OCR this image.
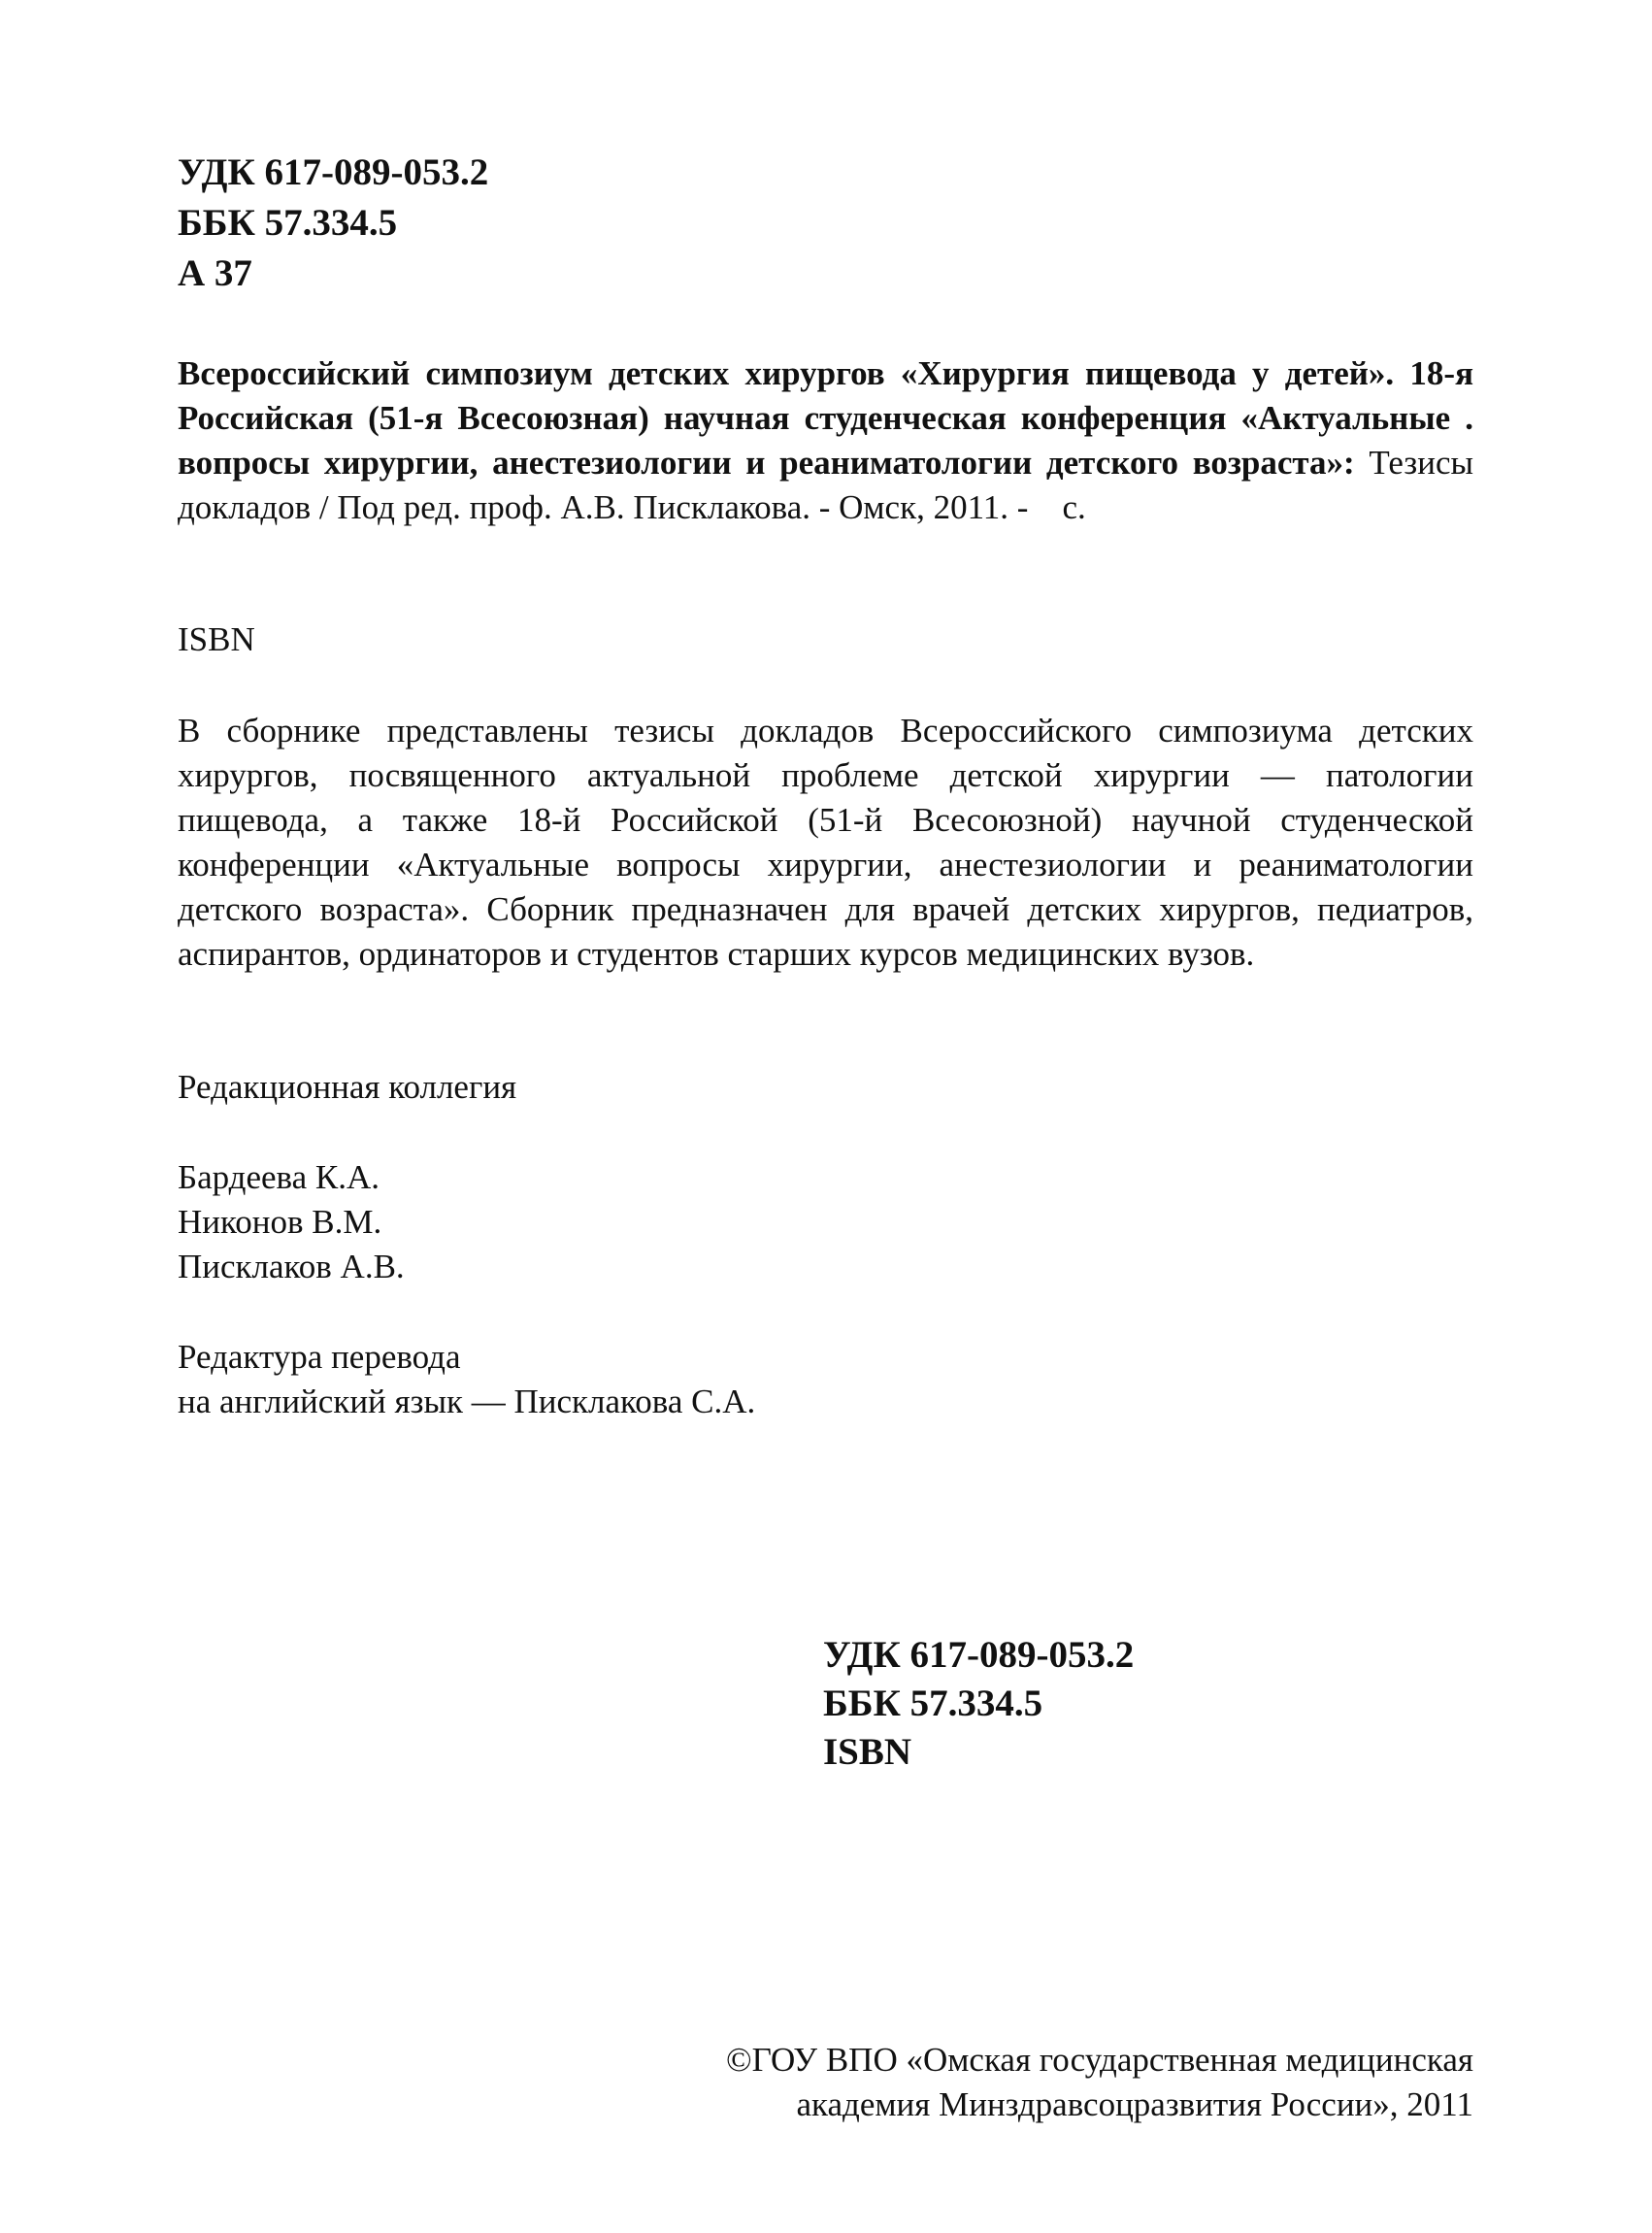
УДК 617-089-053.2
ББК 57.334.5
А 37
Всероссийский симпозиум детских хирургов «Хирургия пищевода у детей». 18-я Российская (51-я Всесоюзная) научная студенческая конференция «Актуальные . вопросы хирургии, анестезиологии и реаниматологии детского возраста»: Тезисы докладов / Под ред. проф. А.В. Писклакова. - Омск, 2011. -    с.
ISBN
В сборнике представлены тезисы докладов Всероссийского симпозиума детских хирургов, посвященного актуальной проблеме детской хирургии — патологии пищевода, а также 18-й Российской (51-й Всесоюзной) научной студенческой конференции «Актуальные вопросы хирургии, анестезиологии и реаниматологии детского возраста». Сборник предназначен для врачей детских хирургов, педиатров, аспирантов, ординаторов и студентов старших курсов медицинских вузов.
Редакционная коллегия
Бардеева К.А.
Никонов В.М.
Писклаков А.В.
Редактура перевода
на английский язык — Писклакова С.А.
УДК 617-089-053.2
ББК 57.334.5
ISBN
©ГОУ ВПО «Омская государственная медицинская
академия Минздравсоцразвития России», 2011
